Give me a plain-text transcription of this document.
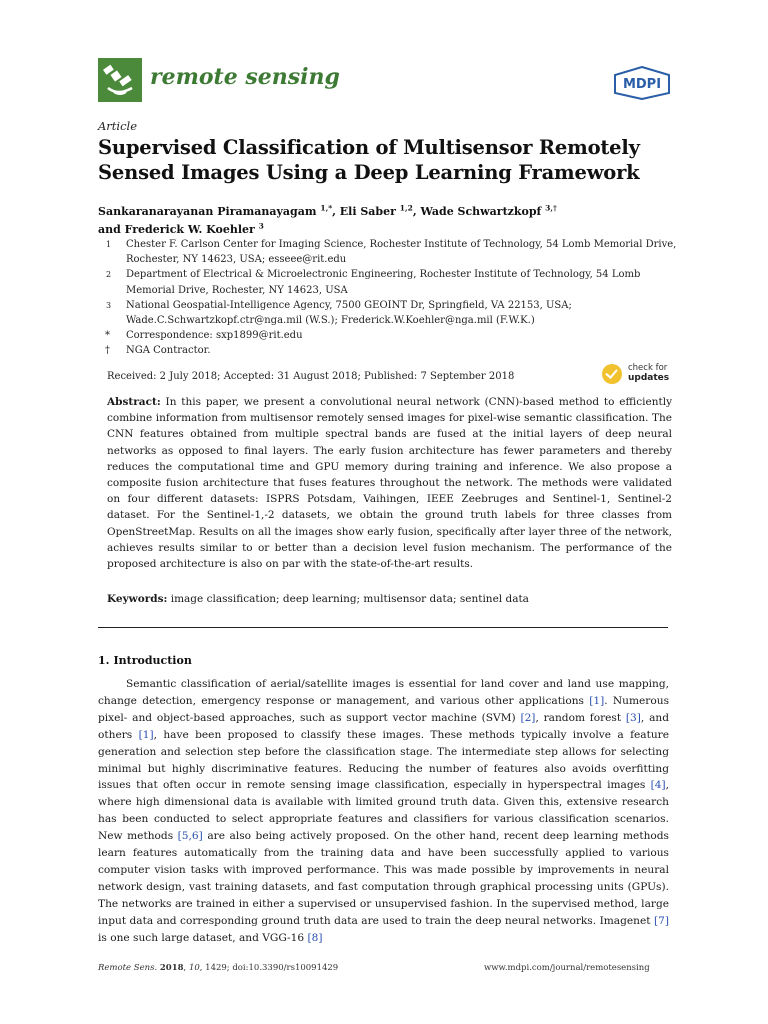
remote sensing	MDPI
Article
Supervised Classification of Multisensor Remotely Sensed Images Using a Deep Learning Framework
Sankaranarayanan Piramanayagam $^{1,*}$, Eli Saber $^{1,2}$, Wade Schwartzkopf $^{3,\dagger}$
and Frederick W. Koehler $^3$
1 Chester F. Carlson Center for Imaging Science, Rochester Institute of Technology, 54 Lomb Memorial Drive, Rochester, NY 14623, USA; esseee@rit.edu
2 Department of Electrical & Microelectronic Engineering, Rochester Institute of Technology, 54 Lomb Memorial Drive, Rochester, NY 14623, USA
3 National Geospatial-Intelligence Agency, 7500 GEOINT Dr, Springfield, VA 22153, USA; Wade.C.Schwartzkopf.ctr@nga.mil (W.S.); Frederick.W.Koehler@nga.mil (F.W.K.)
* Correspondence: sxp1899@rit.edu
† NGA Contractor.
Received: 2 July 2018; Accepted: 31 August 2018; Published: 7 September 2018
check for
updates
Abstract: In this paper, we present a convolutional neural network (CNN)-based method to efficiently combine information from multisensor remotely sensed images for pixel-wise semantic classification. The CNN features obtained from multiple spectral bands are fused at the initial layers of deep neural networks as opposed to final layers. The early fusion architecture has fewer parameters and thereby reduces the computational time and GPU memory during training and inference. We also propose a composite fusion architecture that fuses features throughout the network. The methods were validated on four different datasets: ISPRS Potsdam, Vaihingen, IEEE Zeebruges and Sentinel-1, Sentinel-2 dataset. For the Sentinel-1,-2 datasets, we obtain the ground truth labels for three classes from OpenStreetMap. Results on all the images show early fusion, specifically after layer three of the network, achieves results similar to or better than a decision level fusion mechanism. The performance of the proposed architecture is also on par with the state-of-the-art results.
Keywords: image classification; deep learning; multisensor data; sentinel data
1. Introduction

Semantic classification of aerial/satellite images is essential for land cover and land use mapping, change detection, emergency response or management, and various other applications [1]. Numerous pixel- and object-based approaches, such as support vector machine (SVM) [2], random forest [3], and others [1], have been proposed to classify these images. These methods typically involve a feature generation and selection step before the classification stage. The intermediate step allows for selecting minimal but highly discriminative features. Reducing the number of features also avoids overfitting issues that often occur in remote sensing image classification, especially in hyperspectral images [4], where high dimensional data is available with limited ground truth data. Given this, extensive research has been conducted to select appropriate features and classifiers for various classification scenarios. New methods [5,6] are also being actively proposed. On the other hand, recent deep learning methods learn features automatically from the training data and have been successfully applied to various computer vision tasks with improved performance. This was made possible by improvements in neural network design, vast training datasets, and fast computation through graphical processing units (GPUs). The networks are trained in either a supervised or unsupervised fashion. In the supervised method, large input data and corresponding ground truth data are used to train the deep neural networks. Imagenet [7] is one such large dataset, and VGG-16 [8]

Remote Sens. 2018, 10, 1429; doi:10.3390/rs10091429	www.mdpi.com/journal/remotesensing
